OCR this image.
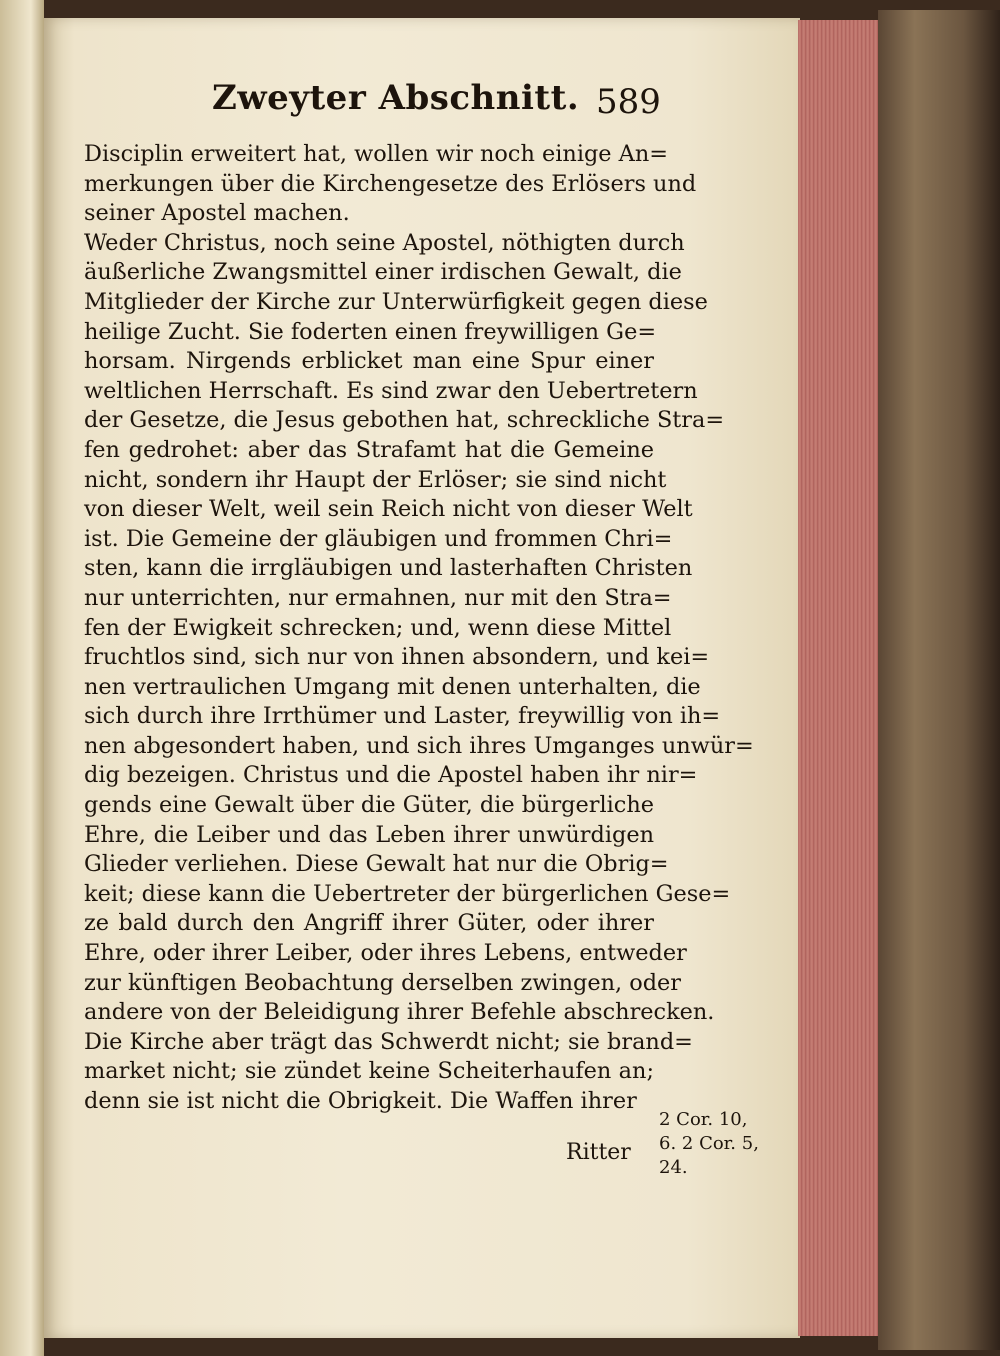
Zweyter Abschnitt. 589
Disciplin erweitert hat, wollen wir noch einige An=
merkungen über die Kirchengesetze des Erlösers und
seiner Apostel machen.
Weder Christus, noch seine Apostel, nöthigten durch
äußerliche Zwangsmittel einer irdischen Gewalt, die
Mitglieder der Kirche zur Unterwürfigkeit gegen diese
heilige Zucht. Sie foderten einen freywilligen Ge=
horsam. Nirgends erblicket man eine Spur einer
weltlichen Herrschaft. Es sind zwar den Uebertretern
der Gesetze, die Jesus gebothen hat, schreckliche Stra=
fen gedrohet: aber das Strafamt hat die Gemeine
nicht, sondern ihr Haupt der Erlöser; sie sind nicht
von dieser Welt, weil sein Reich nicht von dieser Welt
ist. Die Gemeine der gläubigen und frommen Chri=
sten, kann die irrgläubigen und lasterhaften Christen
nur unterrichten, nur ermahnen, nur mit den Stra=
fen der Ewigkeit schrecken; und, wenn diese Mittel
fruchtlos sind, sich nur von ihnen absondern, und kei=
nen vertraulichen Umgang mit denen unterhalten, die
sich durch ihre Irrthümer und Laster, freywillig von ih=
nen abgesondert haben, und sich ihres Umganges unwür=
dig bezeigen. Christus und die Apostel haben ihr nir=
gends eine Gewalt über die Güter, die bürgerliche
Ehre, die Leiber und das Leben ihrer unwürdigen
Glieder verliehen. Diese Gewalt hat nur die Obrig=
keit; diese kann die Uebertreter der bürgerlichen Gese=
ze bald durch den Angriff ihrer Güter, oder ihrer
Ehre, oder ihrer Leiber, oder ihres Lebens, entweder
zur künftigen Beobachtung derselben zwingen, oder
andere von der Beleidigung ihrer Befehle abschrecken.
Die Kirche aber trägt das Schwerdt nicht; sie brand=
market nicht; sie zündet keine Scheiterhaufen an;
denn sie ist nicht die Obrigkeit. Die Waffen ihrer
Ritter
2 Cor. 10,
6. 2 Cor. 5,
24.
